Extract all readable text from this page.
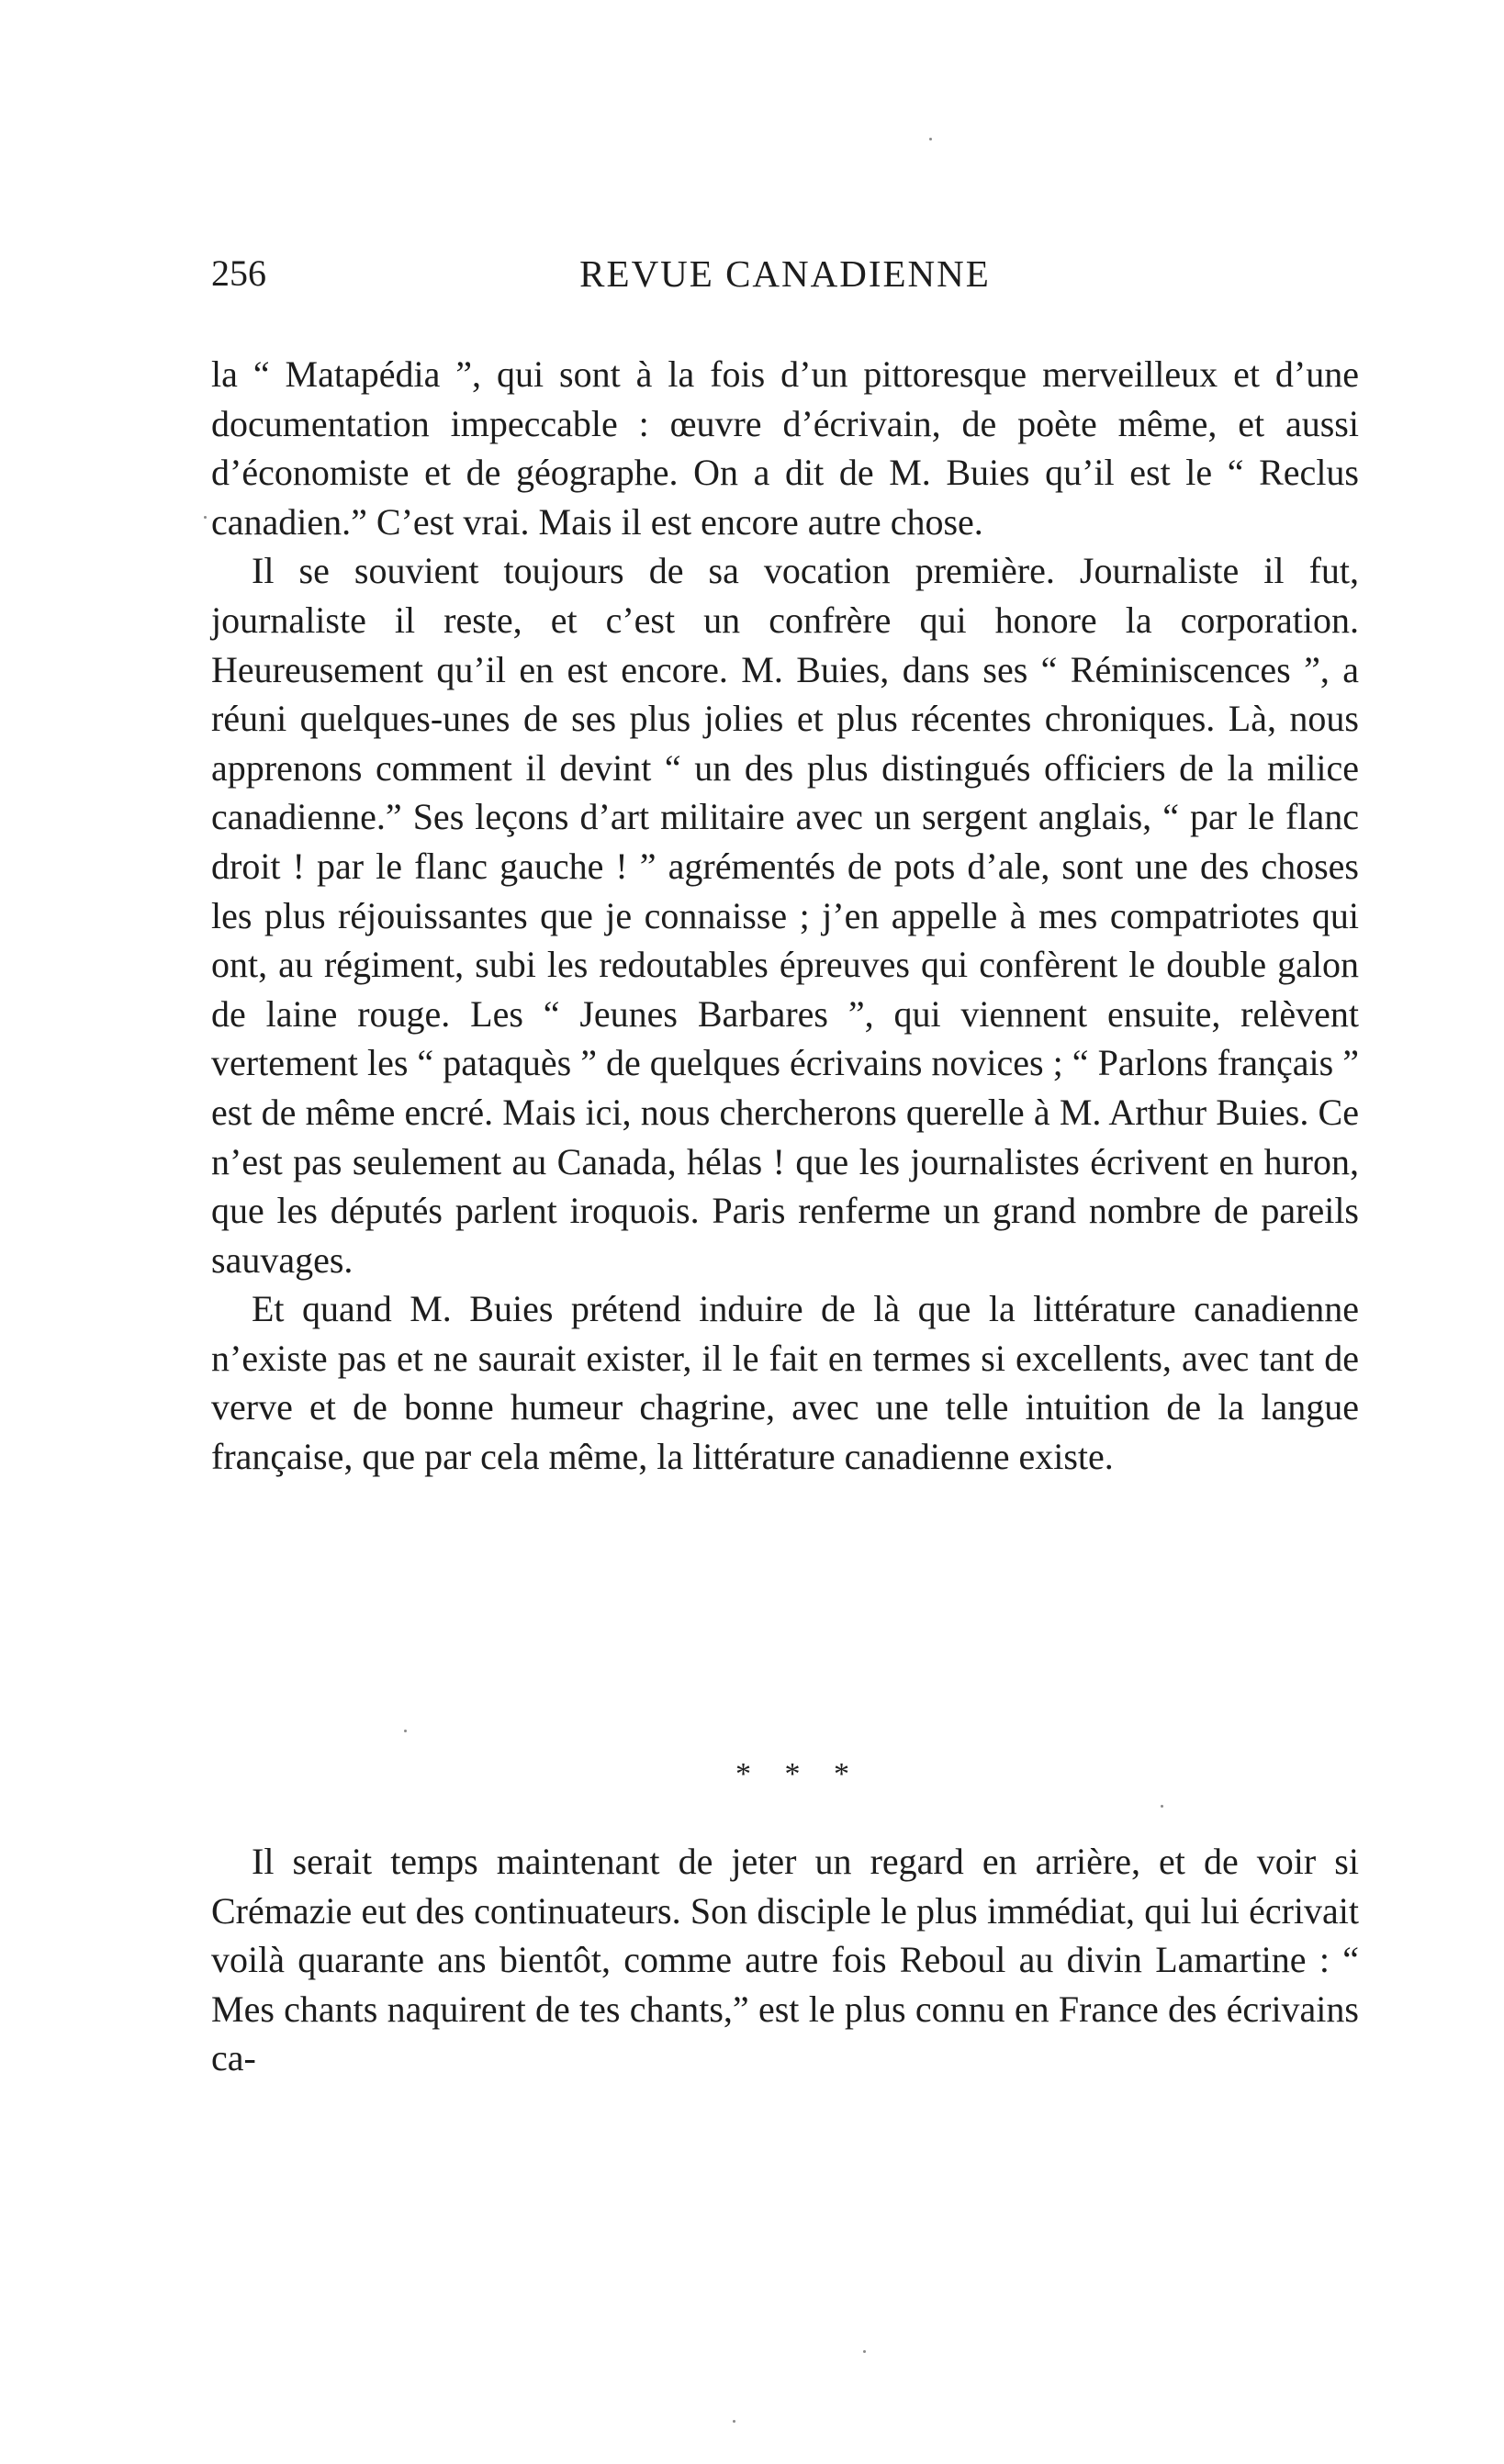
256	REVUE CANADIENNE

la “ Matapédia ”, qui sont à la fois d’un pittoresque merveilleux et d’une documentation impeccable : œuvre d’écrivain, de poète même, et aussi d’économiste et de géographe. On a dit de M. Buies qu’il est le “ Reclus canadien.” C’est vrai. Mais il est encore autre chose.

Il se souvient toujours de sa vocation première. Journaliste il fut, journaliste il reste, et c’est un confrère qui honore la corporation. Heureusement qu’il en est encore. M. Buies, dans ses “ Réminiscences ”, a réuni quelques-unes de ses plus jolies et plus récentes chroniques. Là, nous apprenons comment il devint “ un des plus distingués officiers de la milice canadienne.” Ses leçons d’art militaire avec un sergent anglais, “ par le flanc droit ! par le flanc gauche ! ” agrémentés de pots d’ale, sont une des choses les plus réjouissantes que je connaisse ; j’en appelle à mes compatriotes qui ont, au régiment, subi les redoutables épreuves qui confèrent le double galon de laine rouge. Les “ Jeunes Barbares ”, qui viennent ensuite, relèvent vertement les “ pataquès ” de quelques écrivains novices ; “ Parlons français ” est de même encré. Mais ici, nous chercherons querelle à M. Arthur Buies. Ce n’est pas seulement au Canada, hélas ! que les journalistes écrivent en huron, que les députés parlent iroquois. Paris renferme un grand nombre de pareils sauvages.

Et quand M. Buies prétend induire de là que la littérature canadienne n’existe pas et ne saurait exister, il le fait en termes si excellents, avec tant de verve et de bonne humeur chagrine, avec une telle intuition de la langue française, que par cela même, la littérature canadienne existe.

* * *

Il serait temps maintenant de jeter un regard en arrière, et de voir si Crémazie eut des continuateurs. Son disciple le plus immédiat, qui lui écrivait voilà quarante ans bientôt, comme autre fois Reboul au divin Lamartine : “ Mes chants naquirent de tes chants,” est le plus connu en France des écrivains ca-
